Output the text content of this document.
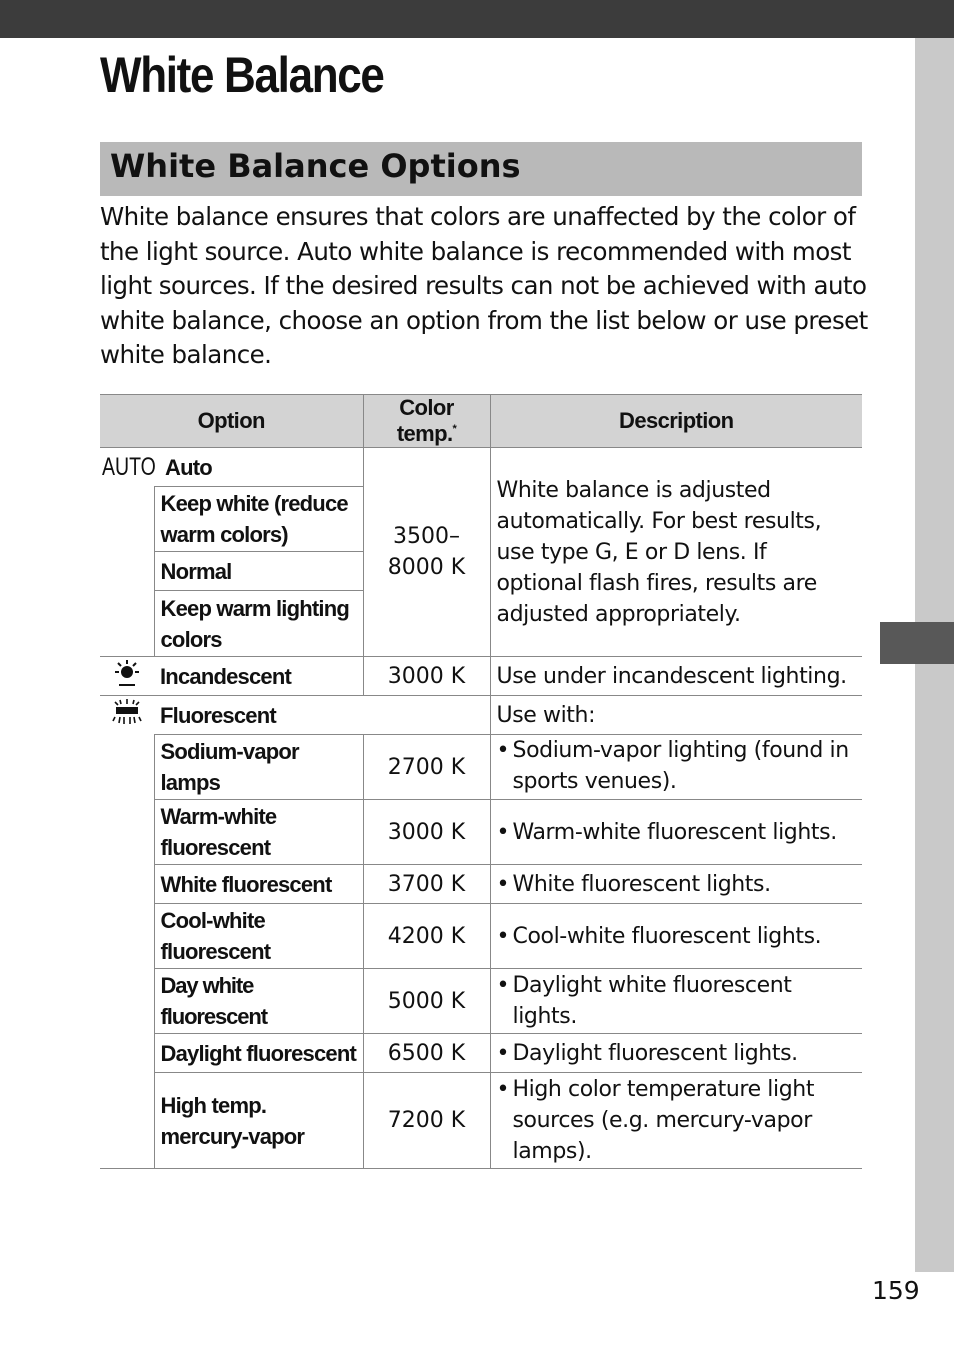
White Balance
White Balance Options

White balance ensures that colors are unaffected by the color of the light source. Auto white balance is recommended with most light sources. If the desired results can not be achieved with auto white balance, choose an option from the list below or use preset white balance.

Option		Color temp.*	Description
AUTO Auto		3500–8000 K	White balance is adjusted automatically. For best results, use type G, E or D lens. If optional flash fires, results are adjusted appropriately.
	Keep white (reduce warm colors)		
	Normal		
	Keep warm lighting colors		
	Incandescent	3000 K	Use under incandescent lighting.
	Fluorescent		Use with:
	Sodium-vapor lamps	2700 K	• Sodium-vapor lighting (found in sports venues).

	Warm-white fluorescent	3000 K	• Warm-white fluorescent lights.

	White fluorescent	3700 K	• White fluorescent lights.

	Cool-white fluorescent	4200 K	• Cool-white fluorescent lights.

	Day white fluorescent	5000 K	• Daylight white fluorescent lights.

	Daylight fluorescent	6500 K	• Daylight fluorescent lights.

	High temp. mercury-vapor	7200 K	• High color temperature light sources (e.g. mercury-vapor lamps).
159
